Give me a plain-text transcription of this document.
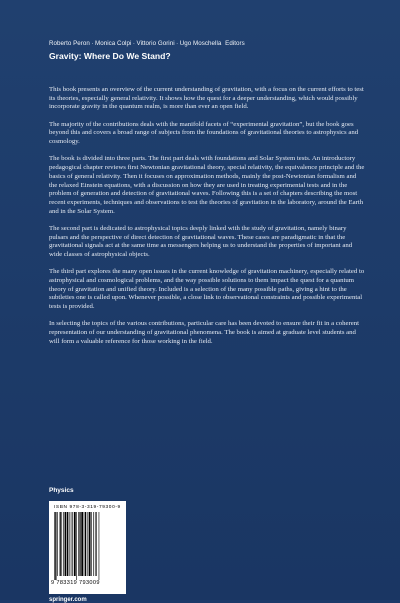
Roberto Peron · Monica Colpi · Vittorio Gorini · Ugo Moschella Editors
Gravity: Where Do We Stand?

This book presents an overview of the current understanding of gravitation, with a focus on the current efforts to test its theories, especially general relativity. It shows how the quest for a deeper understanding, which would possibly incorporate gravity in the quantum realm, is more than ever an open field.

The majority of the contributions deals with the manifold facets of “experimental gravitation”, but the book goes beyond this and covers a broad range of subjects from the foundations of gravitational theories to astrophysics and cosmology.

The book is divided into three parts. The first part deals with foundations and Solar System tests. An introductory pedagogical chapter reviews first Newtonian gravitational theory, special relativity, the equivalence principle and the basics of general relativity. Then it focuses on approximation methods, mainly the post-Newtonian formalism and the relaxed Einstein equations, with a discussion on how they are used in treating experimental tests and in the problem of generation and detection of gravitational waves. Following this is a set of chapters describing the most recent experiments, techniques and observations to test the theories of gravitation in the laboratory, around the Earth and in the Solar System.

The second part is dedicated to astrophysical topics deeply linked with the study of gravitation, namely binary pulsars and the perspective of direct detection of gravitational waves. These cases are paradigmatic in that the gravitational signals act at the same time as messengers helping us to understand the properties of important and wide classes of astrophysical objects.

The third part explores the many open issues in the current knowledge of gravitation machinery, especially related to astrophysical and cosmological problems, and the way possible solutions to them impact the quest for a quantum theory of gravitation and unified theory. Included is a selection of the many possible paths, giving a hint to the subtleties one is called upon. Whenever possible, a close link to observational constraints and possible experimental tests is provided.

In selecting the topics of the various contributions, particular care has been devoted to ensure their fit in a coherent representation of our understanding of gravitational phenomena. The book is aimed at graduate level students and will form a valuable reference for those working in the field.

Physics
ISBN 978-3-319-79300-9
9 783319 793009
springer.com
